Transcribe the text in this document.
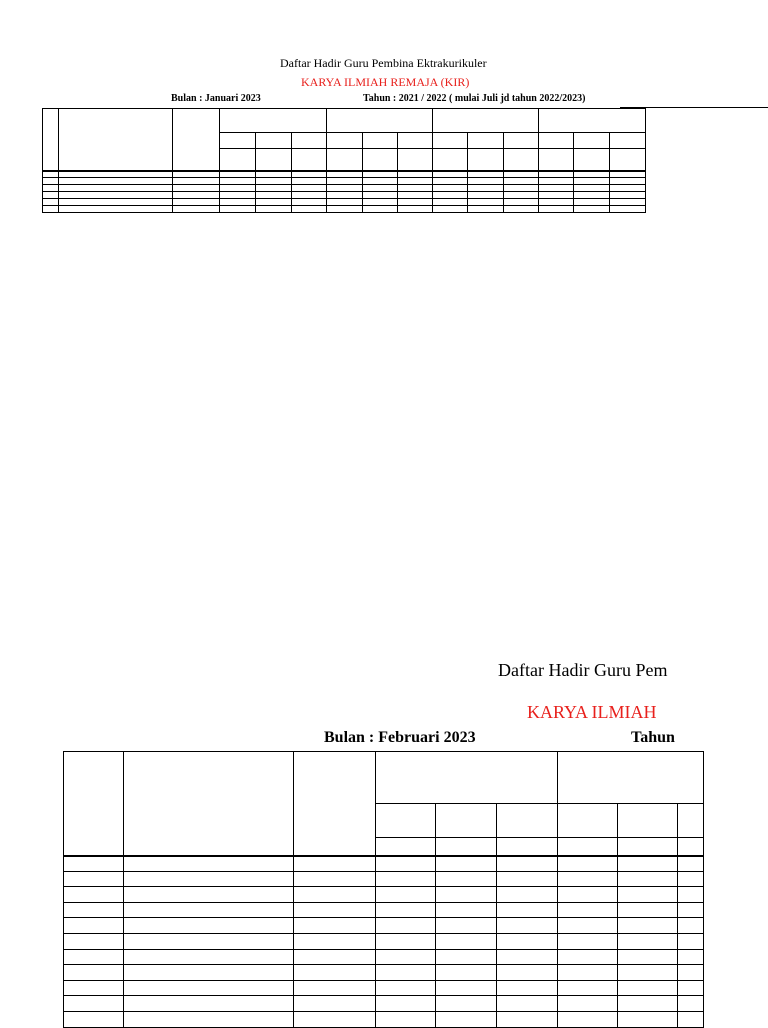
Daftar Hadir Guru Pembina Ektrakurikuler
KARYA ILMIAH REMAJA (KIR)
Bulan : Januari 2023	Tahun : 2021 / 2022 ( mulai Juli jd tahun 2022/2023)

Daftar Hadir Guru Pem
KARYA ILMIAH
Bulan : Februari 2023	Tahun
